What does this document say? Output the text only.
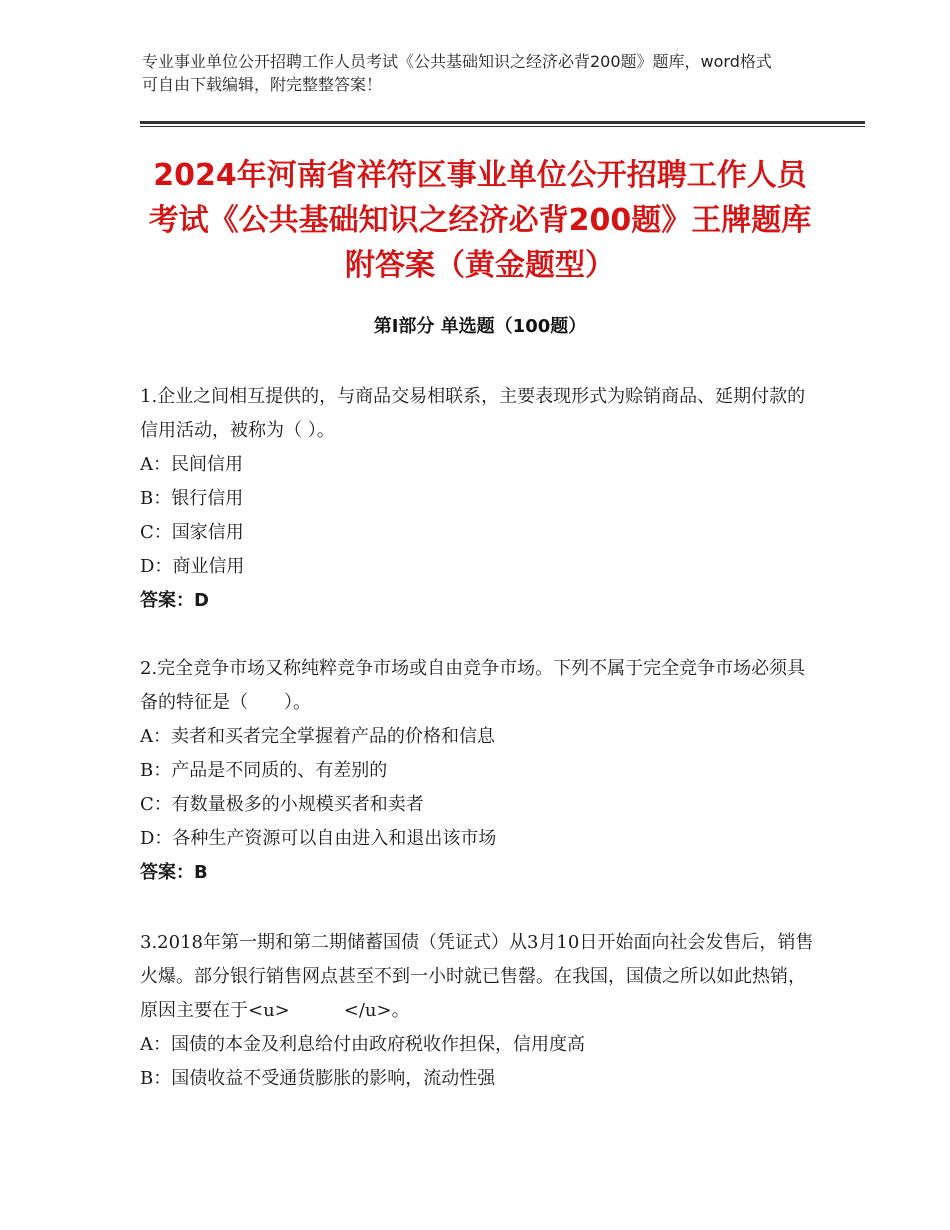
专业事业单位公开招聘工作人员考试《公共基础知识之经济必背200题》题库，word格式可自由下载编辑，附完整整答案！
2024年河南省祥符区事业单位公开招聘工作人员考试《公共基础知识之经济必背200题》王牌题库附答案（黄金题型）
第Ⅰ部分 单选题（100题）

1.企业之间相互提供的，与商品交易相联系，主要表现形式为赊销商品、延期付款的信用活动，被称为（ ）。

A：民间信用

B：银行信用

C：国家信用

D：商业信用

答案：D

2.完全竞争市场又称纯粹竞争市场或自由竞争市场。下列不属于完全竞争市场必须具备的特征是（　　）。

A：卖者和买者完全掌握着产品的价格和信息

B：产品是不同质的、有差别的

C：有数量极多的小规模买者和卖者

D：各种生产资源可以自由进入和退出该市场

答案：B

3.2018年第一期和第二期储蓄国债（凭证式）从3月10日开始面向社会发售后，销售火爆。部分银行销售网点甚至不到一小时就已售罄。在我国，国债之所以如此热销，原因主要在于<u>　　　</u>。

A：国债的本金及利息给付由政府税收作担保，信用度高

B：国债收益不受通货膨胀的影响，流动性强
